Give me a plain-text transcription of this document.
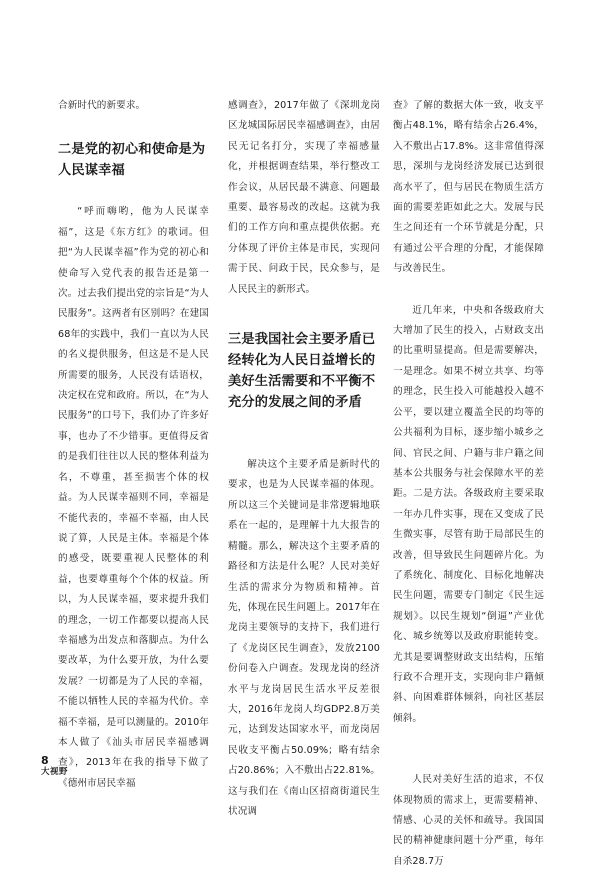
合新时代的新要求。

二是党的初心和使命是为人民谋幸福

“呼而嗨哟，他为人民谋幸福”，这是《东方红》的歌词。但把“为人民谋幸福”作为党的初心和使命写入党代表的报告还是第一次。过去我们提出党的宗旨是“为人民服务”。这两者有区别吗？在建国68年的实践中，我们一直以为人民的名义提供服务，但这是不是人民所需要的服务，人民没有话语权，决定权在党和政府。所以，在“为人民服务”的口号下，我们办了许多好事，也办了不少错事。更值得反省的是我们往往以人民的整体利益为名，不尊重，甚至损害个体的权益。为人民谋幸福则不同，幸福是不能代表的，幸福不幸福，由人民说了算，人民是主体。幸福是个体的感受，既要重视人民整体的利益，也要尊重每个个体的权益。所以，为人民谋幸福，要求提升我们的理念，一切工作都要以提高人民幸福感为出发点和落脚点。为什么要改革，为什么要开放，为什么要发展？一切都是为了人民的幸福，不能以牺牲人民的幸福为代价。幸福不幸福，是可以测量的。2010年本人做了《汕头市居民幸福感调查》，2013年在我的指导下做了《德州市居民幸福

感调查》，2017年做了《深圳龙岗区龙城国际居民幸福感调查》，由居民无记名打分，实现了幸福感量化，并根据调查结果，举行整改工作会议，从居民最不满意、问题最重要、最容易改的改起。这就为我们的工作方向和重点提供依据。充分体现了评价主体是市民，实现问需于民、问政于民，民众参与，是人民民主的新形式。

三是我国社会主要矛盾已经转化为人民日益增长的美好生活需要和不平衡不充分的发展之间的矛盾

解决这个主要矛盾是新时代的要求，也是为人民谋幸福的体现。所以这三个关键词是非常逻辑地联系在一起的，是理解十九大报告的精髓。那么，解决这个主要矛盾的路径和方法是什么呢？人民对美好生活的需求分为物质和精神。首先，体现在民生问题上。2017年在龙岗主要领导的支持下，我们进行了《龙岗区民生调查》，发放2100份问卷入户调查。发现龙岗的经济水平与龙岗居民生活水平反差很大，2016年龙岗人均GDP2.8万美元，达到发达国家水平，而龙岗居民收支平衡占50.09%；略有结余占20.86%；入不敷出占22.81%。这与我们在《南山区招商街道民生状况调

查》了解的数据大体一致，收支平衡占48.1%，略有结余占26.4%，入不敷出占17.8%。这非常值得深思，深圳与龙岗经济发展已达到很高水平了，但与居民在物质生活方面的需要差距如此之大。发展与民生之间还有一个环节就是分配，只有通过公平合理的分配，才能保障与改善民生。

近几年来，中央和各级政府大大增加了民生的投入，占财政支出的比重明显提高。但是需要解决，一是理念。如果不树立共享、均等的理念，民生投入可能越投入越不公平，要以建立覆盖全民的均等的公共福利为目标，逐步缩小城乡之间、官民之间、户籍与非户籍之间基本公共服务与社会保障水平的差距。二是方法。各级政府主要采取一年办几件实事，现在又变成了民生微实事，尽管有助于局部民生的改善，但导致民生问题碎片化。为了系统化、制度化、目标化地解决民生问题，需要专门制定《民生远规划》。以民生规划“倒逼”产业优化、城乡统筹以及政府职能转变。尤其是要调整财政支出结构，压缩行政不合理开支，实现向非户籍倾斜、向困难群体倾斜，向社区基层倾斜。

人民对美好生活的追求，不仅体现物质的需求上，更需要精神、情感、心灵的关怀和疏导。我国国民的精神健康问题十分严重，每年自杀28.7万

8
大视野
